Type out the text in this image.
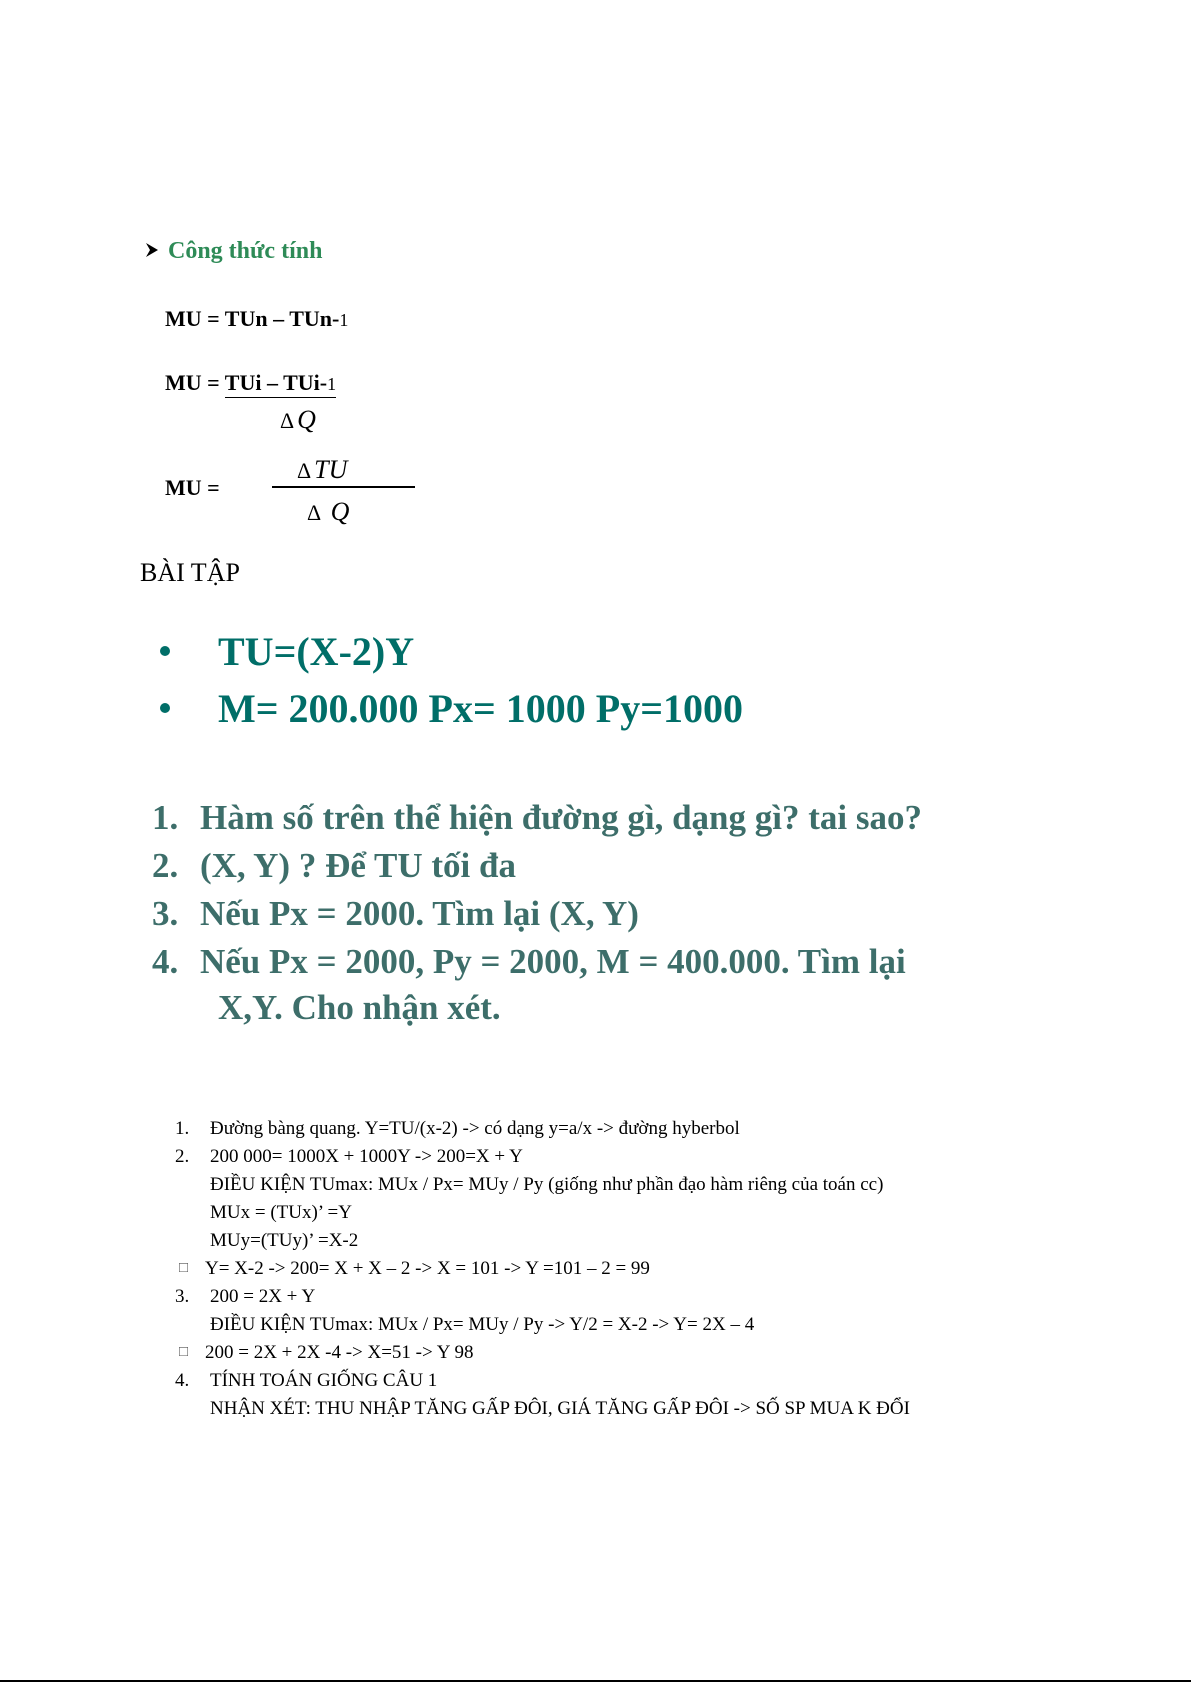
Công thức tính
MU = TUn – TUn-1
MU = TUi – TUi-1
Δ Q
MU =
Δ TU
Δ Q
BÀI TẬP
TU=(X-2)Y
M= 200.000 Px= 1000 Py=1000
1. Hàm số trên thể hiện đường gì, dạng gì? tai sao?
2. (X, Y) ? Để TU tối đa
3. Nếu Px = 2000. Tìm lại (X, Y)
4. Nếu Px = 2000, Py = 2000, M = 400.000. Tìm lại
X,Y. Cho nhận xét.
1. Đường bàng quang. Y=TU/(x-2) -> có dạng y=a/x -> đường hyberbol
2. 200 000= 1000X + 1000Y -> 200=X + Y
ĐIỀU KIỆN TUmax: MUx / Px= MUy / Py (giống như phần đạo hàm riêng của toán cc)
MUx = (TUx)’ =Y
MUy=(TUy)’ =X-2
□ Y= X-2 -> 200= X + X – 2 -> X = 101 -> Y =101 – 2 = 99
3. 200 = 2X + Y
ĐIỀU KIỆN TUmax: MUx / Px= MUy / Py -> Y/2 = X-2 -> Y= 2X – 4
□ 200 = 2X + 2X -4 -> X=51 -> Y 98
4. TÍNH TOÁN GIỐNG CÂU 1
NHẬN XÉT: THU NHẬP TĂNG GẤP ĐÔI, GIÁ TĂNG GẤP ĐÔI -> SỐ SP MUA K ĐỔI
